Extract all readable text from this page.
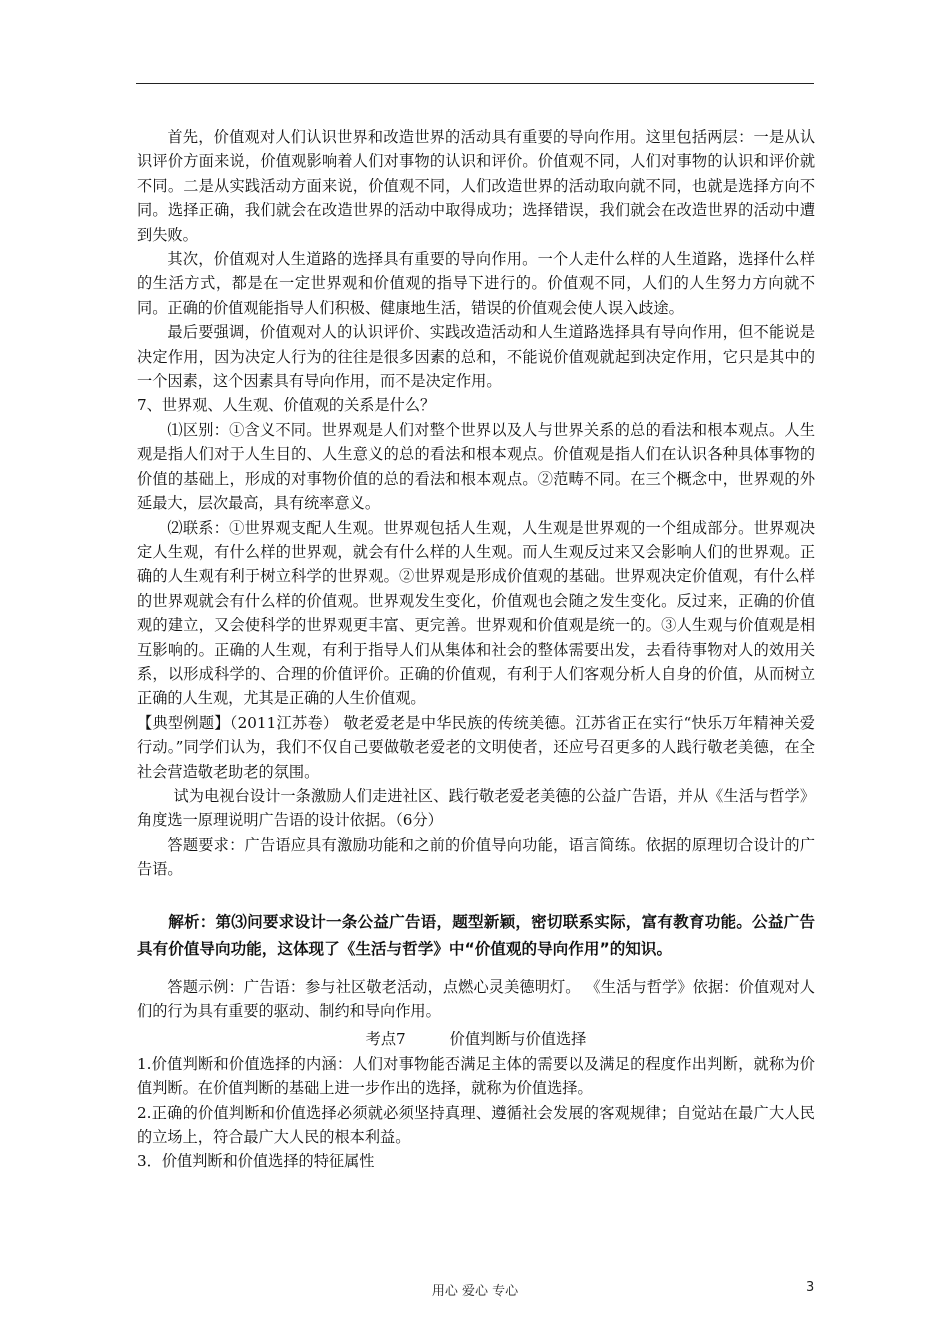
首先，价值观对人们认识世界和改造世界的活动具有重要的导向作用。这里包括两层：一是从认识评价方面来说，价值观影响着人们对事物的认识和评价。价值观不同，人们对事物的认识和评价就不同。二是从实践活动方面来说，价值观不同，人们改造世界的活动取向就不同，也就是选择方向不同。选择正确，我们就会在改造世界的活动中取得成功；选择错误，我们就会在改造世界的活动中遭到失败。

其次，价值观对人生道路的选择具有重要的导向作用。一个人走什么样的人生道路，选择什么样的生活方式，都是在一定世界观和价值观的指导下进行的。价值观不同，人们的人生努力方向就不同。正确的价值观能指导人们积极、健康地生活，错误的价值观会使人误入歧途。

最后要强调，价值观对人的认识评价、实践改造活动和人生道路选择具有导向作用，但不能说是决定作用，因为决定人行为的往往是很多因素的总和，不能说价值观就起到决定作用，它只是其中的一个因素，这个因素具有导向作用，而不是决定作用。

7、世界观、人生观、价值观的关系是什么？

⑴区别：①含义不同。世界观是人们对整个世界以及人与世界关系的总的看法和根本观点。人生观是指人们对于人生目的、人生意义的总的看法和根本观点。价值观是指人们在认识各种具体事物的价值的基础上，形成的对事物价值的总的看法和根本观点。②范畴不同。在三个概念中，世界观的外延最大，层次最高，具有统率意义。

⑵联系：①世界观支配人生观。世界观包括人生观，人生观是世界观的一个组成部分。世界观决定人生观，有什么样的世界观，就会有什么样的人生观。而人生观反过来又会影响人们的世界观。正确的人生观有利于树立科学的世界观。②世界观是形成价值观的基础。世界观决定价值观，有什么样的世界观就会有什么样的价值观。世界观发生变化，价值观也会随之发生变化。反过来，正确的价值观的建立，又会使科学的世界观更丰富、更完善。世界观和价值观是统一的。③人生观与价值观是相互影响的。正确的人生观，有利于指导人们从集体和社会的整体需要出发，去看待事物对人的效用关系，以形成科学的、合理的价值评价。正确的价值观，有利于人们客观分析人自身的价值，从而树立正确的人生观，尤其是正确的人生价值观。

【典型例题】（2011江苏卷） 敬老爱老是中华民族的传统美德。江苏省正在实行“快乐万年精神关爱行动。”同学们认为，我们不仅自己要做敬老爱老的文明使者，还应号召更多的人践行敬老美德，在全社会营造敬老助老的氛围。

试为电视台设计一条激励人们走进社区、践行敬老爱老美德的公益广告语，并从《生活与哲学》角度选一原理说明广告语的设计依据。（6分）

答题要求：广告语应具有激励功能和之前的价值导向功能，语言简练。依据的原理切合设计的广告语。

解析：第⑶问要求设计一条公益广告语，题型新颖，密切联系实际，富有教育功能。公益广告具有价值导向功能，这体现了《生活与哲学》中“价值观的导向作用”的知识。

答题示例：广告语：参与社区敬老活动，点燃心灵美德明灯。 《生活与哲学》依据：价值观对人们的行为具有重要的驱动、制约和导向作用。

考点7	价值判断与价值选择

1.价值判断和价值选择的内涵：人们对事物能否满足主体的需要以及满足的程度作出判断，就称为价值判断。在价值判断的基础上进一步作出的选择，就称为价值选择。

2.正确的价值判断和价值选择必须就必须坚持真理、遵循社会发展的客观规律；自觉站在最广大人民的立场上，符合最广大人民的根本利益。

3．价值判断和价值选择的特征属性

用心 爱心 专心	3
